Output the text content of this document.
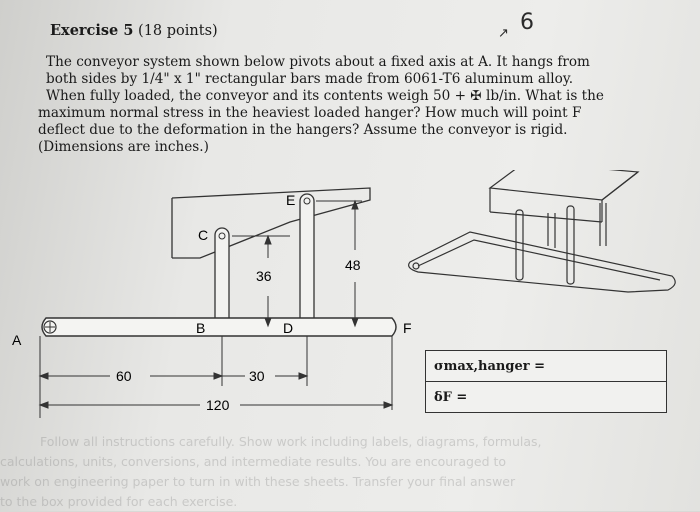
Exercise 5 (18 points)	↗ 6
The conveyor system shown below pivots about a fixed axis at A. It hangs from
both sides by 1/4" x 1" rectangular bars made from 6061-T6 aluminum alloy.
When fully loaded, the conveyor and its contents weigh 50 + ✠ lb/in. What is the
maximum normal stress in the heaviest loaded hanger? How much will point F
deflect due to the deformation in the hangers? Assume the conveyor is rigid.
(Dimensions are inches.)
A
B
C
D
E
F
36
48
60	30
120
σmax,hanger =
δF =
Follow all instructions carefully. Show work including labels, diagrams, formulas,
calculations, units, conversions, and intermediate results. You are encouraged to
work on engineering paper to turn in with these sheets. Transfer your final answer
to the box provided for each exercise.
